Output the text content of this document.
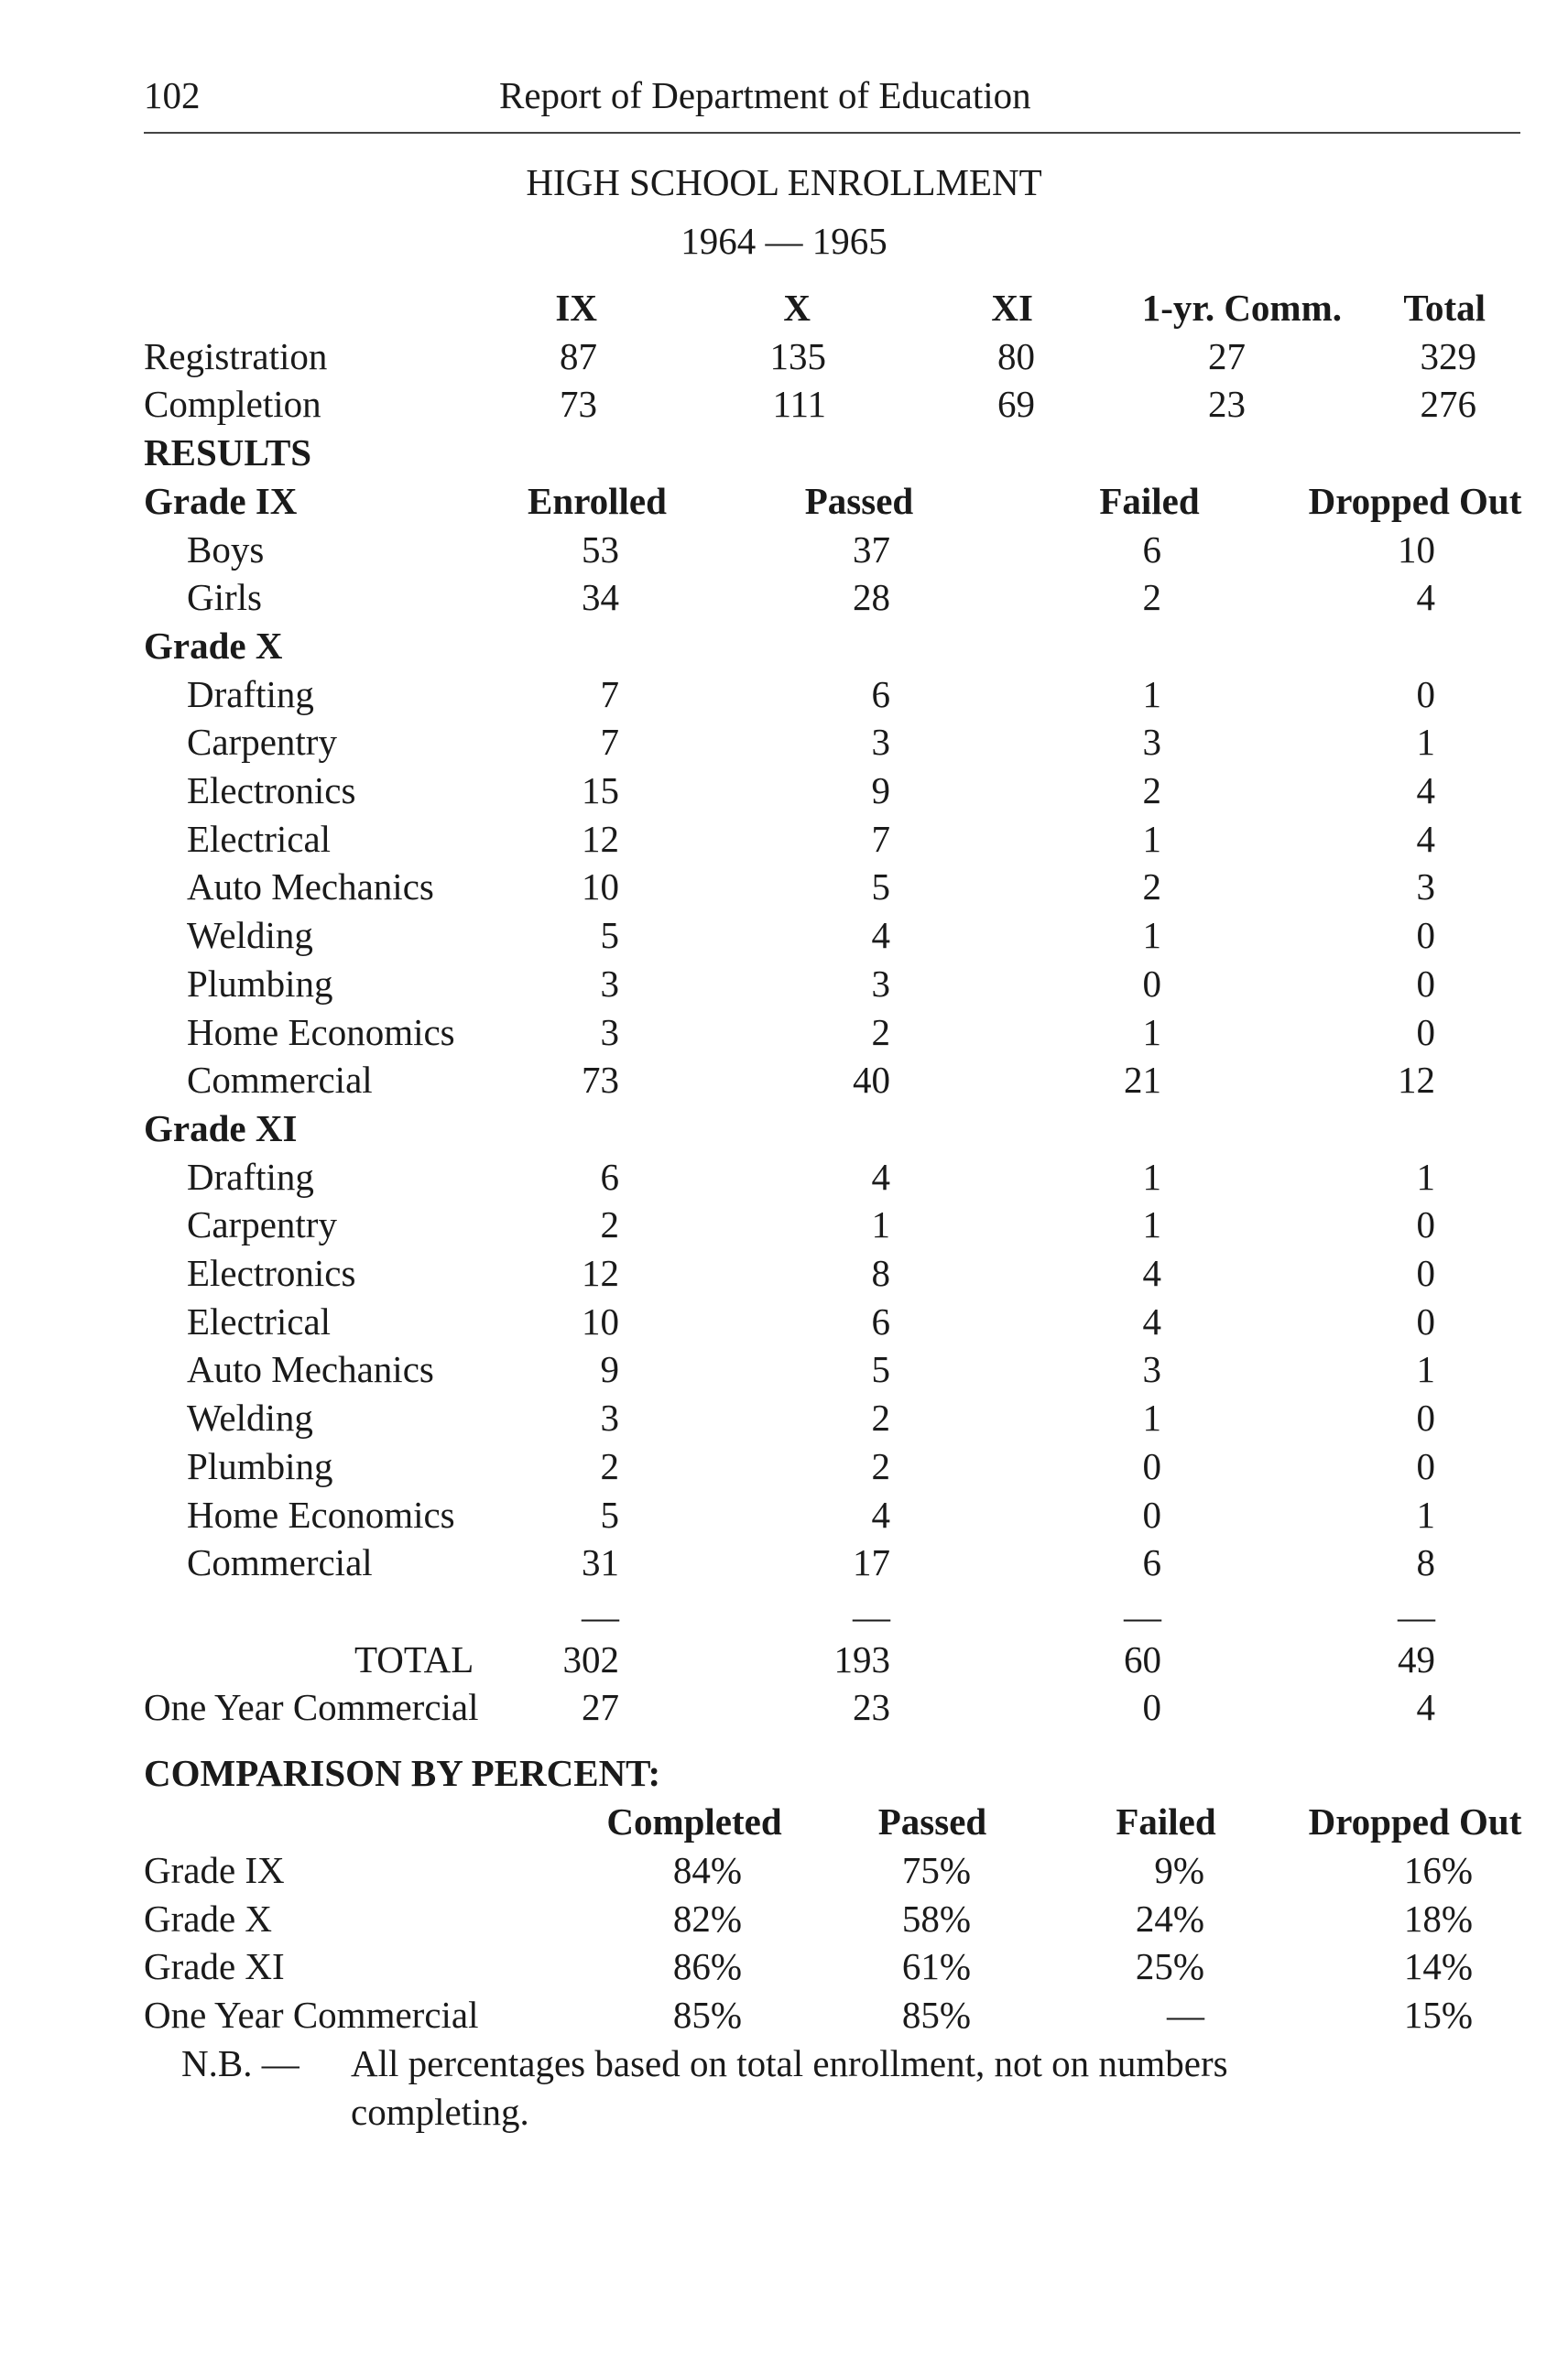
102	Report of Department of Education
HIGH SCHOOL ENROLLMENT
1964 — 1965
IX	X	XI	1-yr. Comm.	Total
Registration	87	135	80	27	329
Completion	73	111	69	23	276
RESULTS
Grade IX	Enrolled	Passed	Failed	Dropped Out
Boys	53	37	6	10
Girls	34	28	2	4
Grade X
Drafting	7	6	1	0
Carpentry	7	3	3	1
Electronics	15	9	2	4
Electrical	12	7	1	4
Auto Mechanics	10	5	2	3
Welding	5	4	1	0
Plumbing	3	3	0	0
Home Economics	3	2	1	0
Commercial	73	40	21	12
Grade XI
Drafting	6	4	1	1
Carpentry	2	1	1	0
Electronics	12	8	4	0
Electrical	10	6	4	0
Auto Mechanics	9	5	3	1
Welding	3	2	1	0
Plumbing	2	2	0	0
Home Economics	5	4	0	1
Commercial	31	17	6	8
—	—	—	—
TOTAL	302	193	60	49
One Year Commercial	27	23	0	4
COMPARISON BY PERCENT:
Completed	Passed	Failed	Dropped Out
Grade IX	84%	75%	9%	16%
Grade X	82%	58%	24%	18%
Grade XI	86%	61%	25%	14%
One Year Commercial	85%	85%	—	15%
N.B. — All percentages based on total enrollment, not on numbers
completing.
